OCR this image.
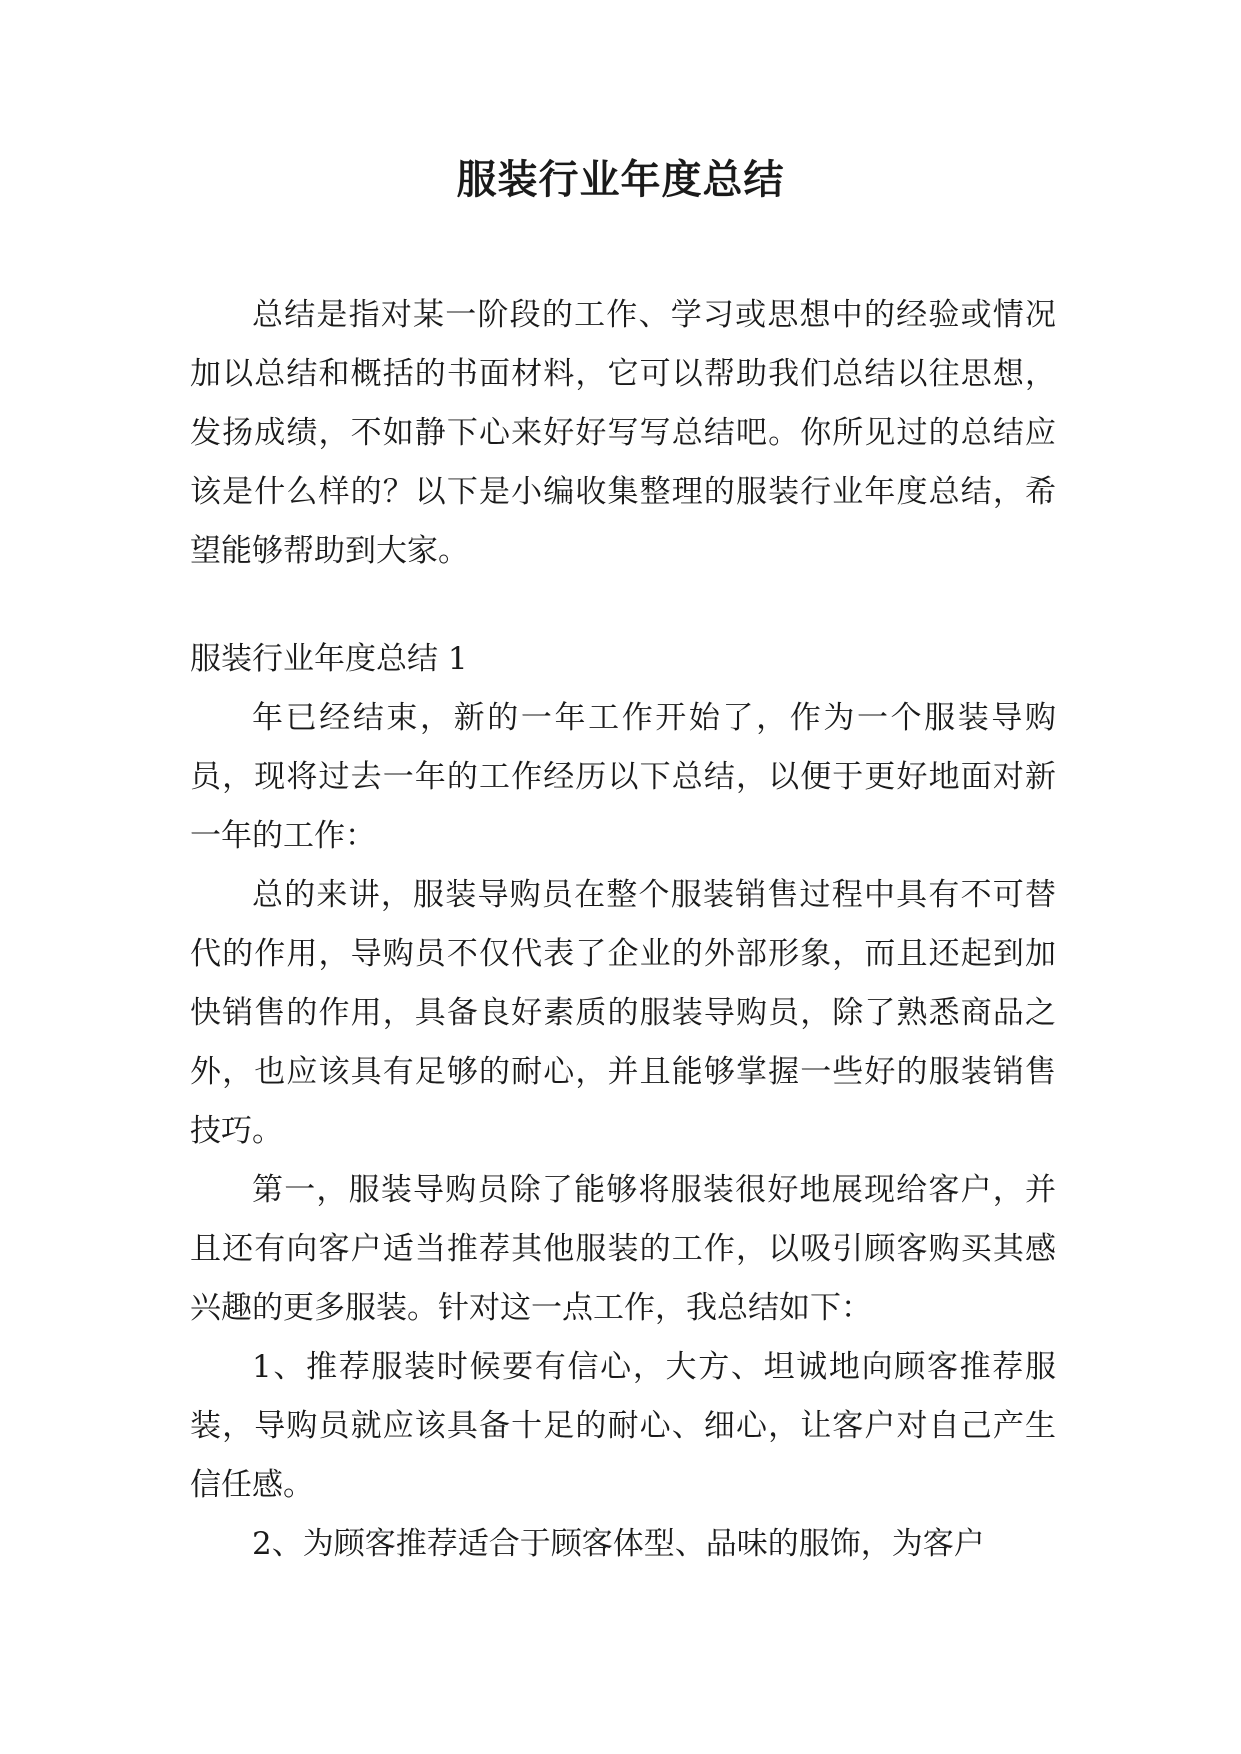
服装行业年度总结

总结是指对某一阶段的工作、学习或思想中的经验或情况加以总结和概括的书面材料，它可以帮助我们总结以往思想，发扬成绩，不如静下心来好好写写总结吧。你所见过的总结应该是什么样的？以下是小编收集整理的服装行业年度总结，希望能够帮助到大家。

服装行业年度总结 1

年已经结束，新的一年工作开始了，作为一个服装导购员，现将过去一年的工作经历以下总结，以便于更好地面对新一年的工作：

总的来讲，服装导购员在整个服装销售过程中具有不可替代的作用，导购员不仅代表了企业的外部形象，而且还起到加快销售的作用，具备良好素质的服装导购员，除了熟悉商品之外，也应该具有足够的耐心，并且能够掌握一些好的服装销售技巧。

第一，服装导购员除了能够将服装很好地展现给客户，并且还有向客户适当推荐其他服装的工作，以吸引顾客购买其感兴趣的更多服装。针对这一点工作，我总结如下：

1、推荐服装时候要有信心，大方、坦诚地向顾客推荐服装，导购员就应该具备十足的耐心、细心，让客户对自己产生信任感。

2、为顾客推荐适合于顾客体型、品味的服饰，为客户
